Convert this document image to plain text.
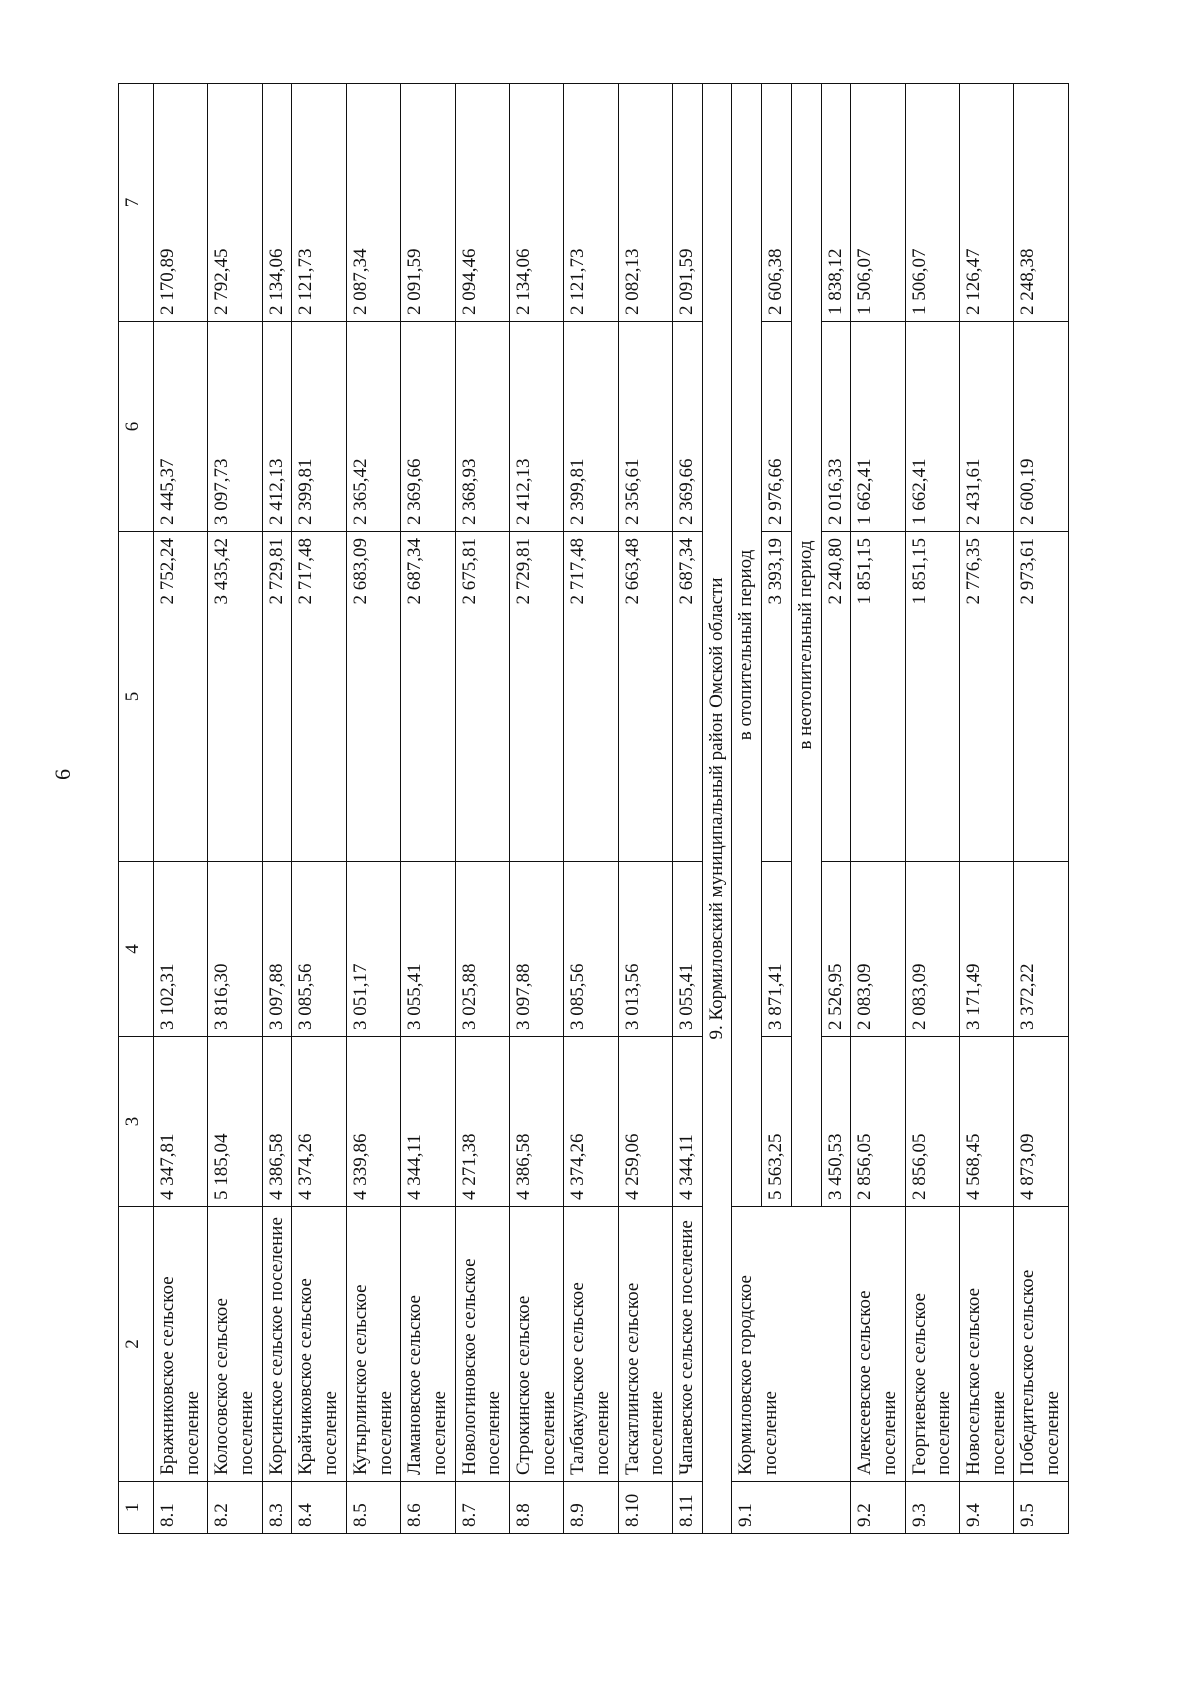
6
1	2	3	4	5	6	7
8.1	Бражниковское сельское поселение	4 347,81	3 102,31	2 752,24	2 445,37	2 170,89
8.2	Колосовское сельское поселение	5 185,04	3 816,30	3 435,42	3 097,73	2 792,45
8.3	Корсинское сельское поселение	4 386,58	3 097,88	2 729,81	2 412,13	2 134,06
8.4	Крайчиковское сельское поселение	4 374,26	3 085,56	2 717,48	2 399,81	2 121,73
8.5	Кутырлинское сельское поселение	4 339,86	3 051,17	2 683,09	2 365,42	2 087,34
8.6	Ламановское сельское поселение	4 344,11	3 055,41	2 687,34	2 369,66	2 091,59
8.7	Новологиновское сельское поселение	4 271,38	3 025,88	2 675,81	2 368,93	2 094,46
8.8	Строкинское сельское поселение	4 386,58	3 097,88	2 729,81	2 412,13	2 134,06
8.9	Талбакульское сельское поселение	4 374,26	3 085,56	2 717,48	2 399,81	2 121,73
8.10	Таскатлинское сельское поселение	4 259,06	3 013,56	2 663,48	2 356,61	2 082,13
8.11	Чапаевское сельское поселение	4 344,11	3 055,41	2 687,34	2 369,66	2 091,59
9. Кормиловский муниципальный район Омской области						
9.1	Кормиловское городское поселение	в отопительный период				
		5 563,25	3 871,41	3 393,19	2 976,66	2 606,38
		в неотопительный период				
		3 450,53	2 526,95	2 240,80	2 016,33	1 838,12
9.2	Алексеевское сельское поселение	2 856,05	2 083,09	1 851,15	1 662,41	1 506,07
9.3	Георгиевское сельское поселение	2 856,05	2 083,09	1 851,15	1 662,41	1 506,07
9.4	Новосельское сельское поселение	4 568,45	3 171,49	2 776,35	2 431,61	2 126,47
9.5	Победительское сельское поселение	4 873,09	3 372,22	2 973,61	2 600,19	2 248,38
